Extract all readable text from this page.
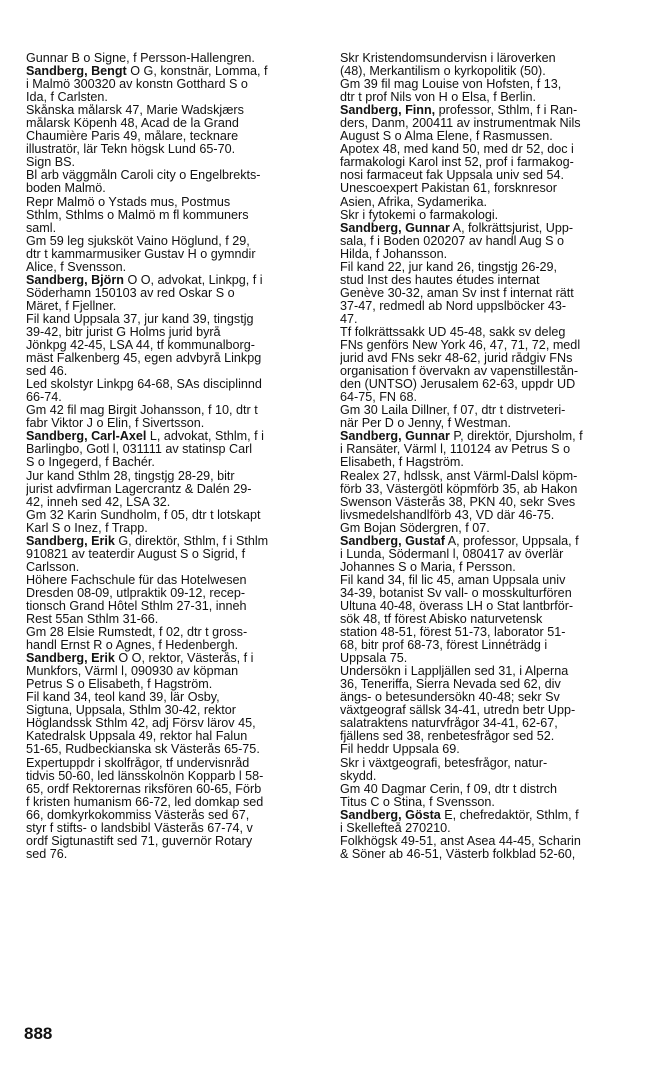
Gunnar B o Signe, f Persson-Hallengren.
Sandberg, Bengt O G, konstnär, Lomma, f
i Malmö 300320 av konstn Gotthard S o
Ida, f Carlsten.
Skånska målarsk 47, Marie Wadskjærs
målarsk Köpenh 48, Acad de la Grand
Chaumière Paris 49, målare, tecknare
illustratör, lär Tekn högsk Lund 65-70.
Sign BS.
Bl arb väggmåln Caroli city o Engelbrekts-
boden Malmö.
Repr Malmö o Ystads mus, Postmus
Sthlm, Sthlms o Malmö m fl kommuners
saml.
Gm 59 leg sjuksköt Vaino Höglund, f 29,
dtr t kammarmusiker Gustav H o gymndir
Alice, f Svensson.
Sandberg, Björn O O, advokat, Linkpg, f i
Söderhamn 150103 av red Oskar S o
Märet, f Fjellner.
Fil kand Uppsala 37, jur kand 39, tingstjg
39-42, bitr jurist G Holms jurid byrå
Jönkpg 42-45, LSA 44, tf kommunalborg-
mäst Falkenberg 45, egen advbyrå Linkpg
sed 46.
Led skolstyr Linkpg 64-68, SAs disciplinnd
66-74.
Gm 42 fil mag Birgit Johansson, f 10, dtr t
fabr Viktor J o Elin, f Sivertsson.
Sandberg, Carl-Axel L, advokat, Sthlm, f i
Barlingbo, Gotl l, 031111 av statinsp Carl
S o Ingegerd, f Bachér.
Jur kand Sthlm 28, tingstjg 28-29, bitr
jurist advfirman Lagercrantz & Dalén 29-
42, inneh sed 42, LSA 32.
Gm 32 Karin Sundholm, f 05, dtr t lotskapt
Karl S o Inez, f Trapp.
Sandberg, Erik G, direktör, Sthlm, f i Sthlm
910821 av teaterdir August S o Sigrid, f
Carlsson.
Höhere Fachschule für das Hotelwesen
Dresden 08-09, utlpraktik 09-12, recep-
tionsch Grand Hôtel Sthlm 27-31, inneh
Rest 55an Sthlm 31-66.
Gm 28 Elsie Rumstedt, f 02, dtr t gross-
handl Ernst R o Agnes, f Hedenbergh.
Sandberg, Erik O O, rektor, Västerås, f i
Munkfors, Värml l, 090930 av köpman
Petrus S o Elisabeth, f Hagström.
Fil kand 34, teol kand 39, lär Osby,
Sigtuna, Uppsala, Sthlm 30-42, rektor
Höglandssk Sthlm 42, adj Försv lärov 45,
Katedralsk Uppsala 49, rektor hal Falun
51-65, Rudbeckianska sk Västerås 65-75.
Expertuppdr i skolfrågor, tf undervisnråd
tidvis 50-60, led länsskolnön Kopparb l 58-
65, ordf Rektorernas riksfören 60-65, Förb
f kristen humanism 66-72, led domkap sed
66, domkyrkokommiss Västerås sed 67,
styr f stifts- o landsbibl Västerås 67-74, v
ordf Sigtunastift sed 71, guvernör Rotary
sed 76.
Skr Kristendomsundervisn i läroverken
(48), Merkantilism o kyrkopolitik (50).
Gm 39 fil mag Louise von Hofsten, f 13,
dtr t prof Nils von H o Elsa, f Berlin.
Sandberg, Finn, professor, Sthlm, f i Ran-
ders, Danm, 200411 av instrumentmak Nils
August S o Alma Elene, f Rasmussen.
Apotex 48, med kand 50, med dr 52, doc i
farmakologi Karol inst 52, prof i farmakog-
nosi farmaceut fak Uppsala univ sed 54.
Unescoexpert Pakistan 61, forsknresor
Asien, Afrika, Sydamerika.
Skr i fytokemi o farmakologi.
Sandberg, Gunnar A, folkrättsjurist, Upp-
sala, f i Boden 020207 av handl Aug S o
Hilda, f Johansson.
Fil kand 22, jur kand 26, tingstjg 26-29,
stud Inst des hautes études internat
Genève 30-32, aman Sv inst f internat rätt
37-47, redmedl ab Nord uppslböcker 43-
47.
Tf folkrättssakk UD 45-48, sakk sv deleg
FNs genförs New York 46, 47, 71, 72, medl
jurid avd FNs sekr 48-62, jurid rådgiv FNs
organisation f övervakn av vapenstillestån-
den (UNTSO) Jerusalem 62-63, uppdr UD
64-75, FN 68.
Gm 30 Laila Dillner, f 07, dtr t distrveteri-
när Per D o Jenny, f Westman.
Sandberg, Gunnar P, direktör, Djursholm, f
i Ransäter, Värml l, 110124 av Petrus S o
Elisabeth, f Hagström.
Realex 27, hdlssk, anst Värml-Dalsl köpm-
förb 33, Västergötl köpmförb 35, ab Hakon
Swenson Västerås 38, PKN 40, sekr Sves
livsmedelshandlförb 43, VD där 46-75.
Gm Bojan Södergren, f 07.
Sandberg, Gustaf A, professor, Uppsala, f
i Lunda, Södermanl l, 080417 av överlär
Johannes S o Maria, f Persson.
Fil kand 34, fil lic 45, aman Uppsala univ
34-39, botanist Sv vall- o mosskulturfören
Ultuna 40-48, överass LH o Stat lantbrför-
sök 48, tf förest Abisko naturvetensk
station 48-51, förest 51-73, laborator 51-
68, bitr prof 68-73, förest Linnéträdg i
Uppsala 75.
Undersökn i Lappljällen sed 31, i Alperna
36, Teneriffa, Sierra Nevada sed 62, div
ängs- o betesundersökn 40-48; sekr Sv
växtgeograf sällsk 34-41, utredn betr Upp-
salatraktens naturvfrågor 34-41, 62-67,
fjällens sed 38, renbetesfrågor sed 52.
Fil heddr Uppsala 69.
Skr i växtgeografi, betesfrågor, natur-
skydd.
Gm 40 Dagmar Cerin, f 09, dtr t distrch
Titus C o Stina, f Svensson.
Sandberg, Gösta E, chefredaktör, Sthlm, f
i Skellefteå 270210.
Folkhögsk 49-51, anst Asea 44-45, Scharin
& Söner ab 46-51, Västerb folkblad 52-60,
888
